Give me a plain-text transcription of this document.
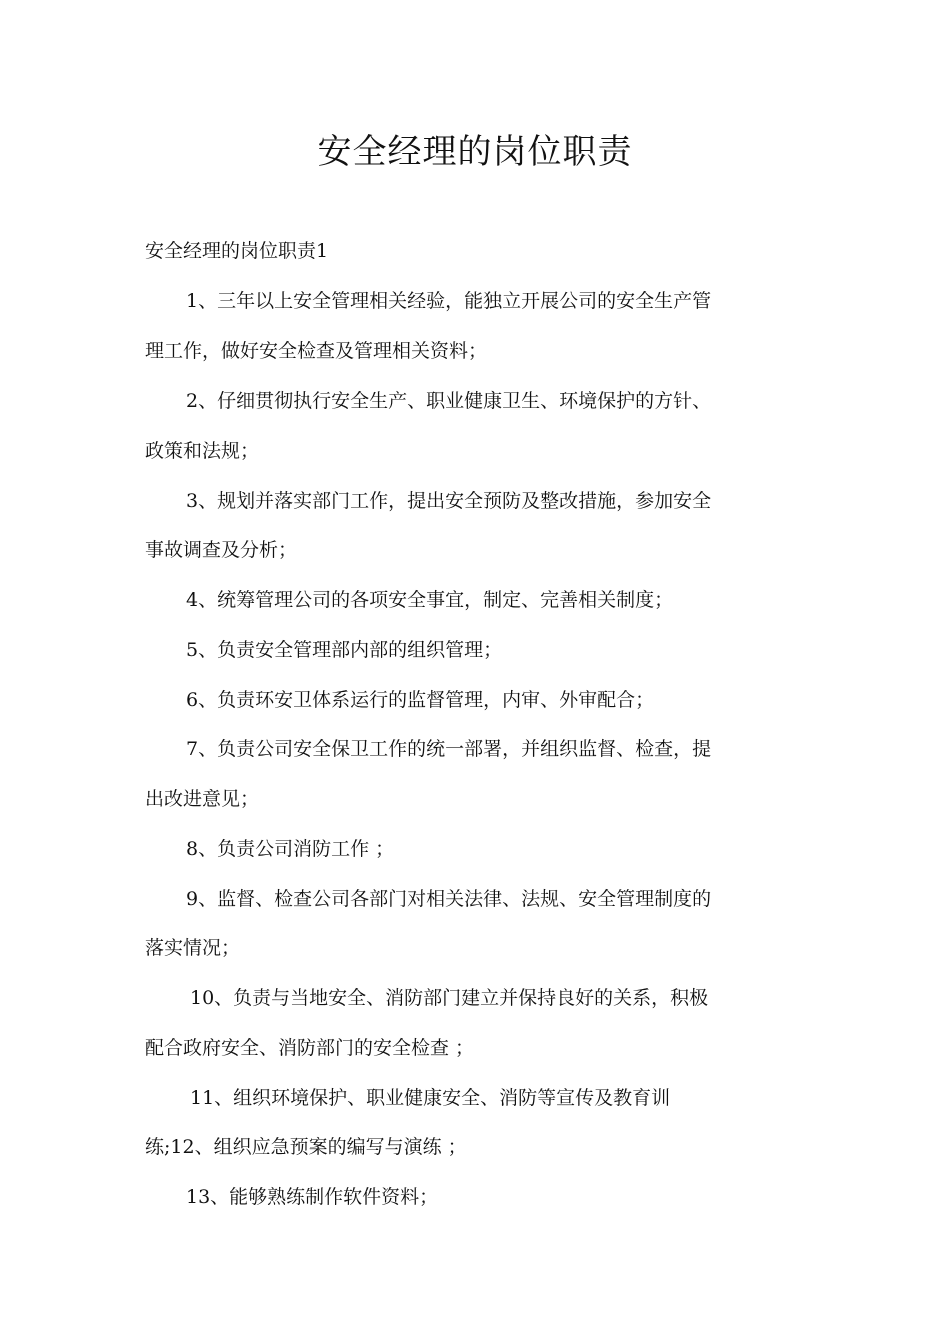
安全经理的岗位职责
安全经理的岗位职责1
1、三年以上安全管理相关经验，能独立开展公司的安全生产管
理工作，做好安全检查及管理相关资料；
2、仔细贯彻执行安全生产、职业健康卫生、环境保护的方针、
政策和法规；
3、规划并落实部门工作，提出安全预防及整改措施，参加安全
事故调查及分析；
4、统筹管理公司的各项安全事宜，制定、完善相关制度；
5、负责安全管理部内部的组织管理；
6、负责环安卫体系运行的监督管理，内审、外审配合；
7、负责公司安全保卫工作的统一部署，并组织监督、检查，提
出改进意见；
8、负责公司消防工作 ；
9、监督、检查公司各部门对相关法律、法规、安全管理制度的
落实情况；
10、负责与当地安全、消防部门建立并保持良好的关系，积极
配合政府安全、消防部门的安全检查 ；
11、组织环境保护、职业健康安全、消防等宣传及教育训
练;12、组织应急预案的编写与演练 ；
13、能够熟练制作软件资料；
